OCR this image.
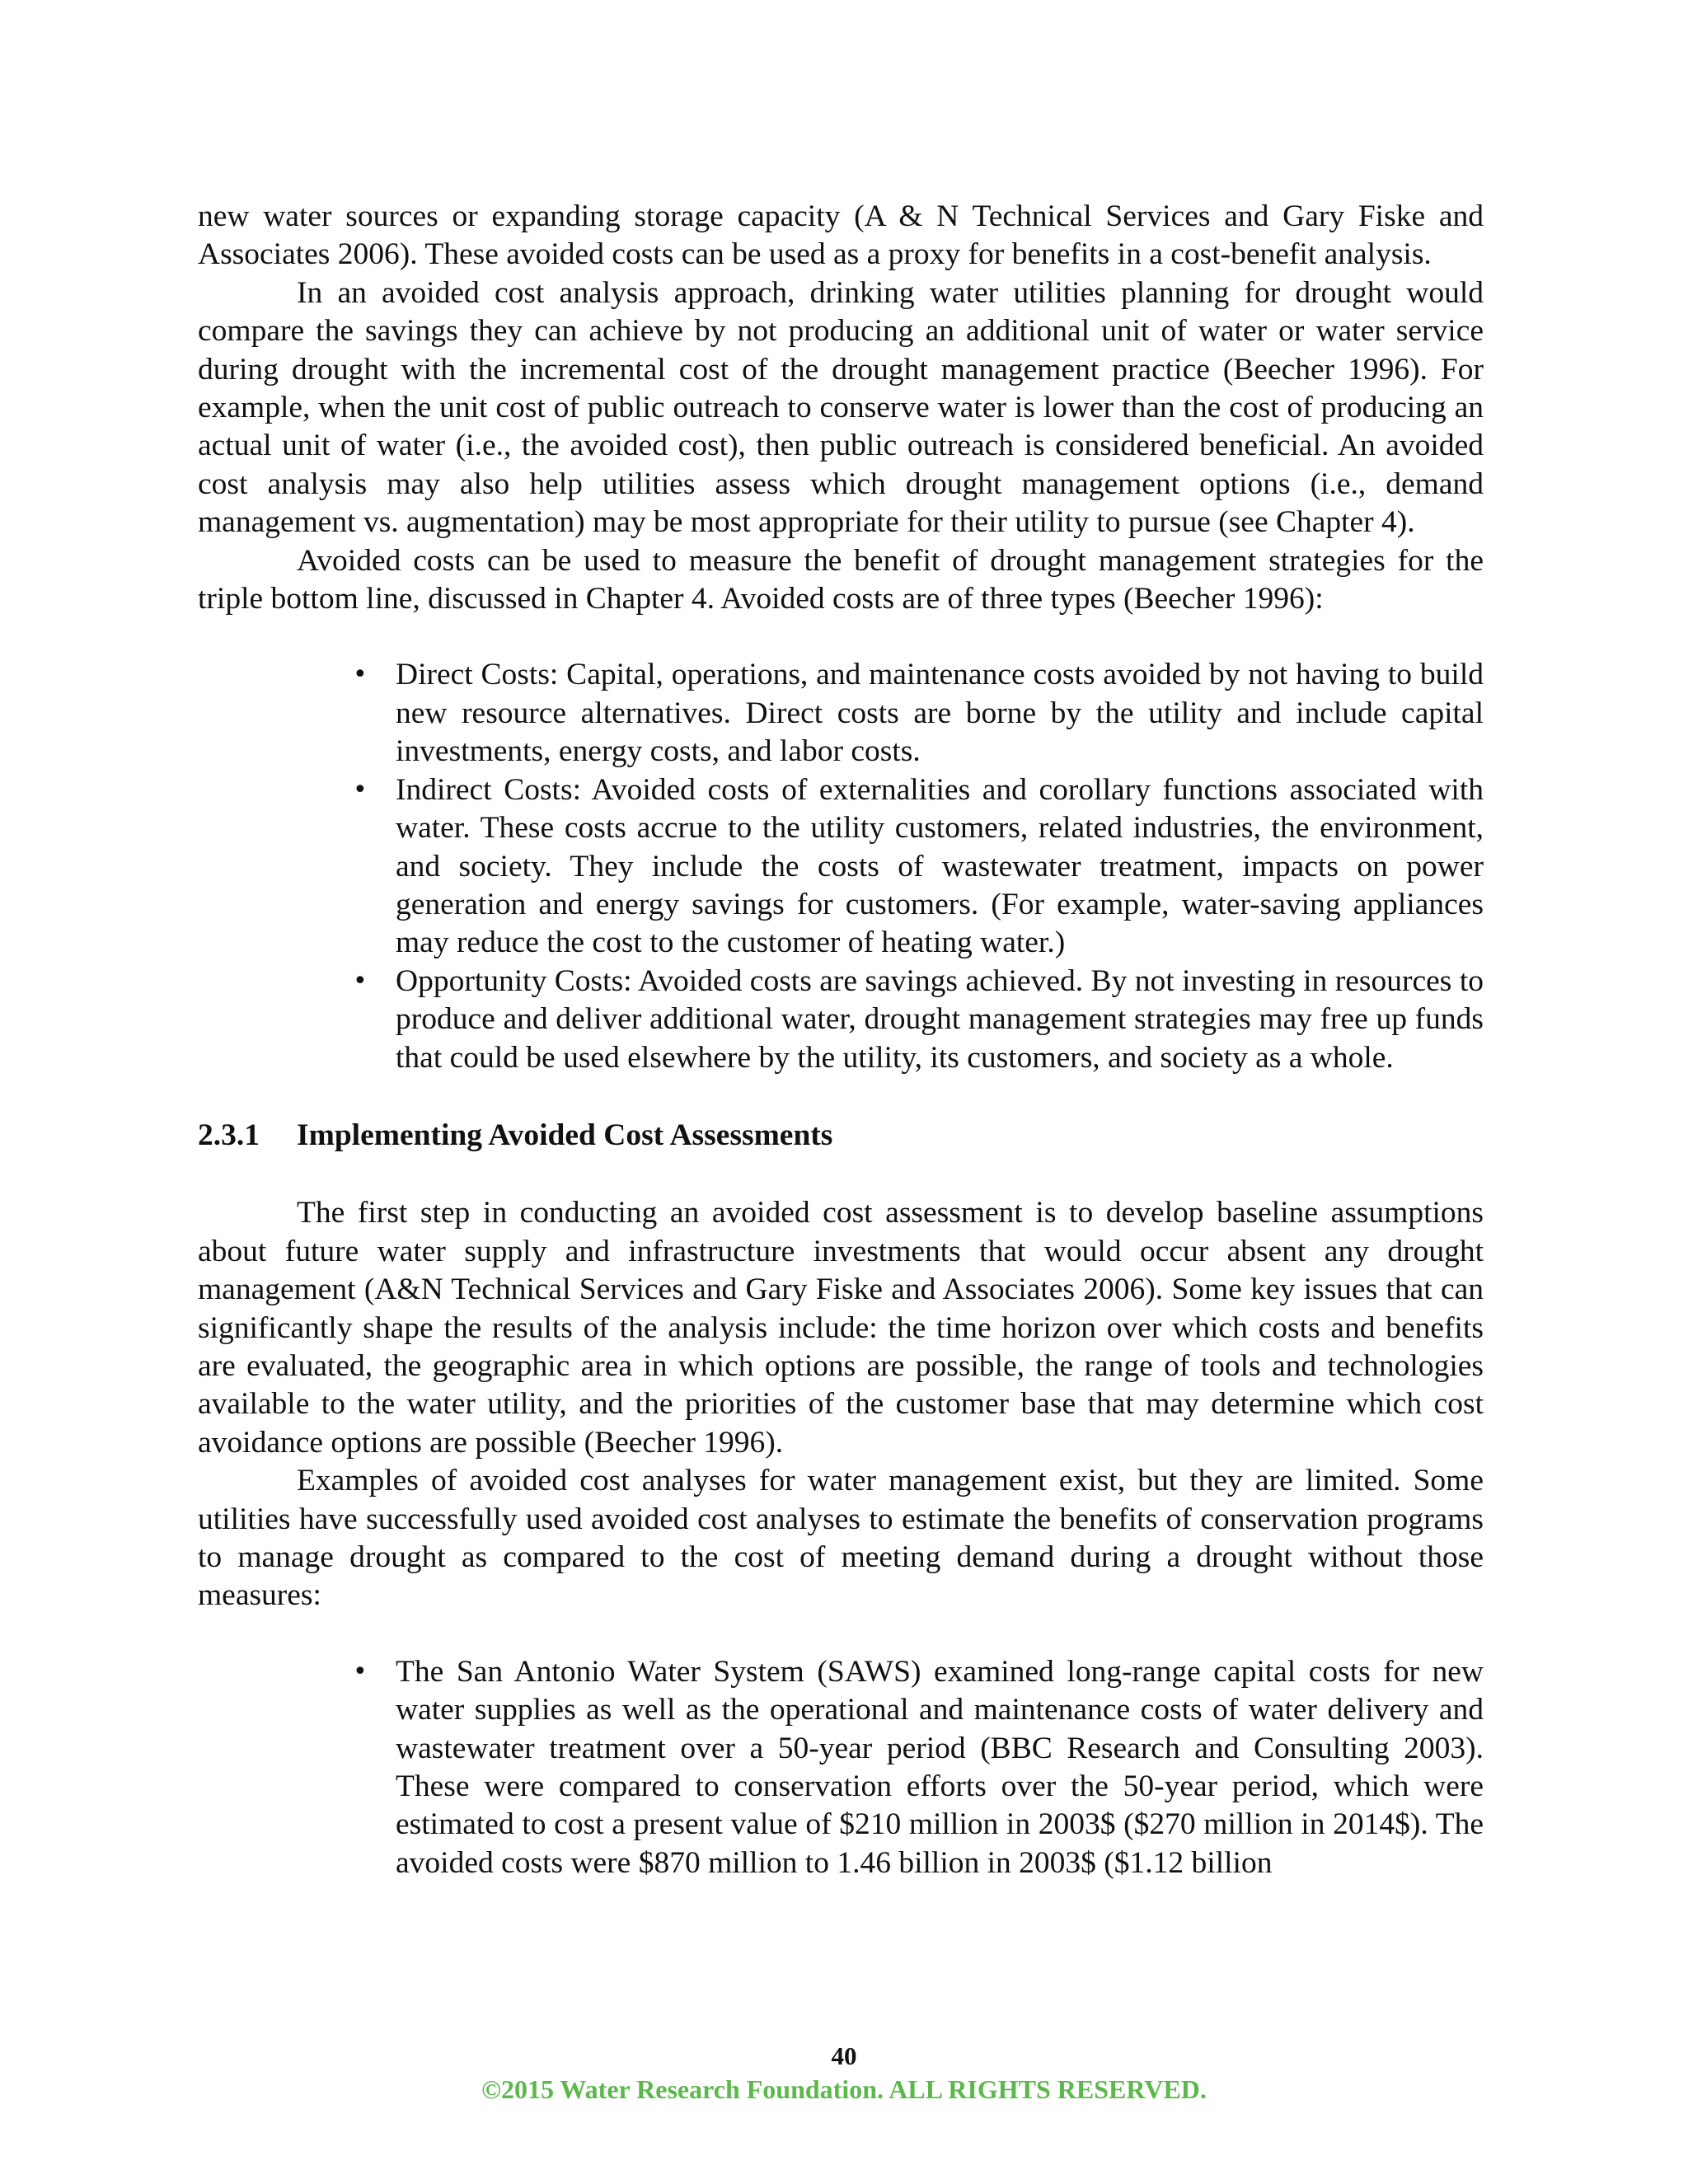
new water sources or expanding storage capacity (A & N Technical Services and Gary Fiske and Associates 2006). These avoided costs can be used as a proxy for benefits in a cost-benefit analysis.

In an avoided cost analysis approach, drinking water utilities planning for drought would compare the savings they can achieve by not producing an additional unit of water or water service during drought with the incremental cost of the drought management practice (Beecher 1996). For example, when the unit cost of public outreach to conserve water is lower than the cost of producing an actual unit of water (i.e., the avoided cost), then public outreach is considered beneficial. An avoided cost analysis may also help utilities assess which drought management options (i.e., demand management vs. augmentation) may be most appropriate for their utility to pursue (see Chapter 4).

Avoided costs can be used to measure the benefit of drought management strategies for the triple bottom line, discussed in Chapter 4. Avoided costs are of three types (Beecher 1996):

• Direct Costs: Capital, operations, and maintenance costs avoided by not having to build new resource alternatives. Direct costs are borne by the utility and include capital investments, energy costs, and labor costs.
• Indirect Costs: Avoided costs of externalities and corollary functions associated with water. These costs accrue to the utility customers, related industries, the environment, and society. They include the costs of wastewater treatment, impacts on power generation and energy savings for customers. (For example, water-saving appliances may reduce the cost to the customer of heating water.)
• Opportunity Costs: Avoided costs are savings achieved. By not investing in resources to produce and deliver additional water, drought management strategies may free up funds that could be used elsewhere by the utility, its customers, and society as a whole.
2.3.1	Implementing Avoided Cost Assessments

The first step in conducting an avoided cost assessment is to develop baseline assumptions about future water supply and infrastructure investments that would occur absent any drought management (A&N Technical Services and Gary Fiske and Associates 2006). Some key issues that can significantly shape the results of the analysis include: the time horizon over which costs and benefits are evaluated, the geographic area in which options are possible, the range of tools and technologies available to the water utility, and the priorities of the customer base that may determine which cost avoidance options are possible (Beecher 1996).

Examples of avoided cost analyses for water management exist, but they are limited. Some utilities have successfully used avoided cost analyses to estimate the benefits of conservation programs to manage drought as compared to the cost of meeting demand during a drought without those measures:

• The San Antonio Water System (SAWS) examined long-range capital costs for new water supplies as well as the operational and maintenance costs of water delivery and wastewater treatment over a 50-year period (BBC Research and Consulting 2003). These were compared to conservation efforts over the 50-year period, which were estimated to cost a present value of $210 million in 2003$ ($270 million in 2014$). The avoided costs were $870 million to 1.46 billion in 2003$ ($1.12 billion
40
©2015 Water Research Foundation. ALL RIGHTS RESERVED.
